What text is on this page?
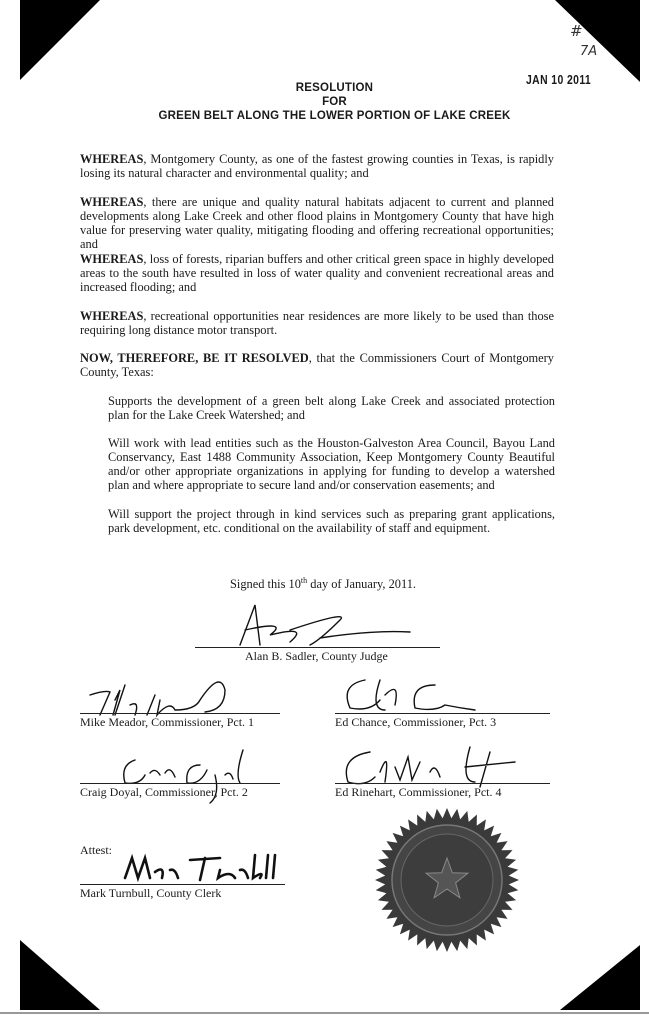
#
7A
JAN 10 2011
RESOLUTION
FOR
GREEN BELT ALONG THE LOWER PORTION OF LAKE CREEK
WHEREAS, Montgomery County, as one of the fastest growing counties in Texas, is rapidly losing its natural character and environmental quality; and
WHEREAS, there are unique and quality natural habitats adjacent to current and planned developments along Lake Creek and other flood plains in Montgomery County that have high value for preserving water quality, mitigating flooding and offering recreational opportunities; and
WHEREAS, loss of forests, riparian buffers and other critical green space in highly developed areas to the south have resulted in loss of water quality and convenient recreational areas and increased flooding; and
WHEREAS, recreational opportunities near residences are more likely to be used than those requiring long distance motor transport.
NOW, THEREFORE, BE IT RESOLVED, that the Commissioners Court of Montgomery County, Texas:
Supports the development of a green belt along Lake Creek and associated protection plan for the Lake Creek Watershed; and
Will work with lead entities such as the Houston-Galveston Area Council, Bayou Land Conservancy, East 1488 Community Association, Keep Montgomery County Beautiful and/or other appropriate organizations in applying for funding to develop a watershed plan and where appropriate to secure land and/or conservation easements; and
Will support the project through in kind services such as preparing grant applications, park development, etc. conditional on the availability of staff and equipment.
Signed this 10th day of January, 2011.
Alan B. Sadler, County Judge
Mike Meador, Commissioner, Pct. 1	Ed Chance, Commissioner, Pct. 3
Craig Doyal, Commissioner, Pct. 2	Ed Rinehart, Commissioner, Pct. 4
Attest:
Mark Turnbull, County Clerk
